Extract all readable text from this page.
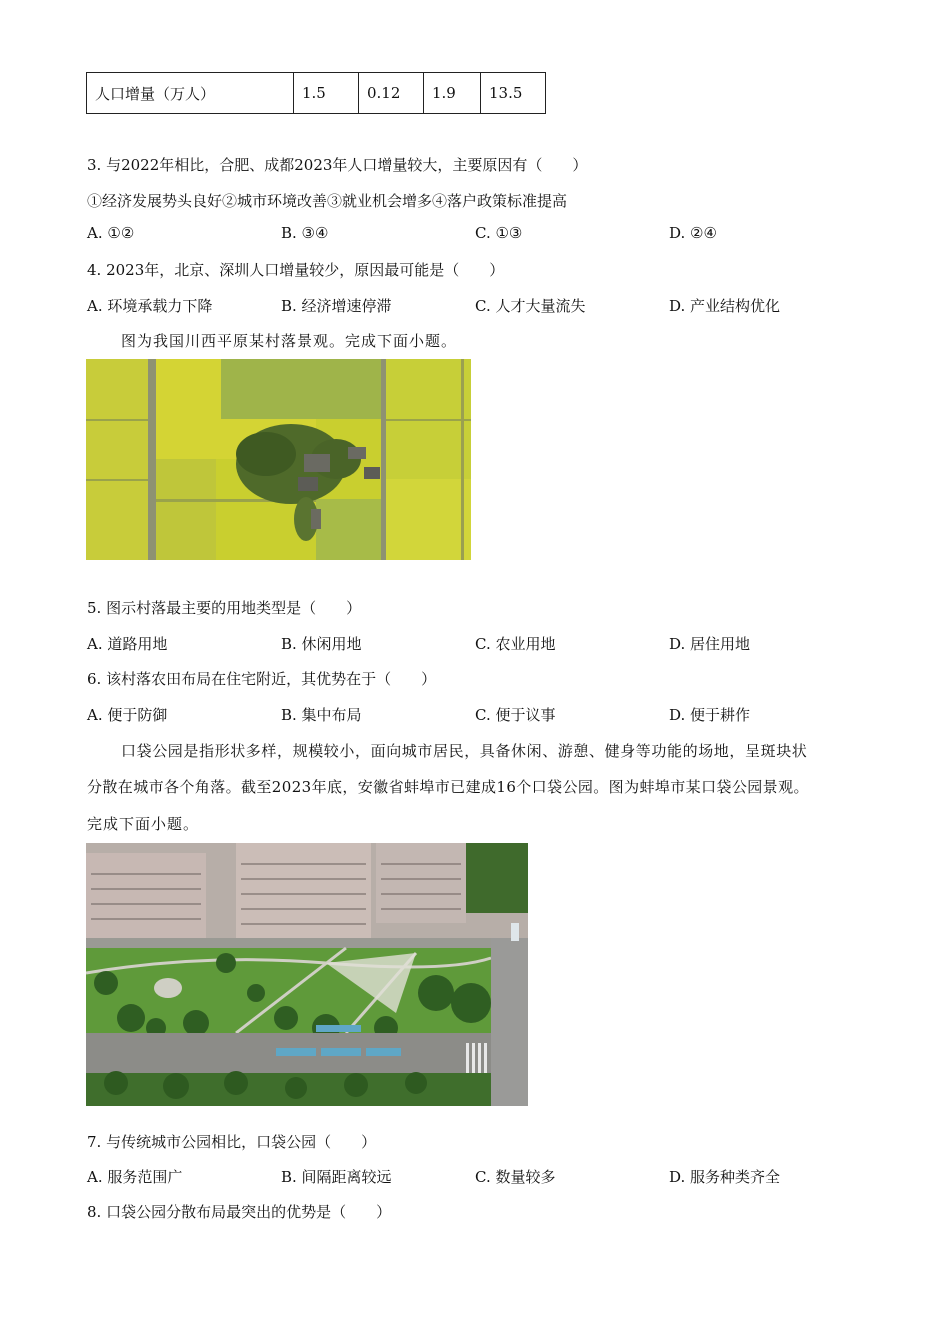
人口增量（万人）	1.5	0.12	1.9	13.5
3. 与2022年相比，合肥、成都2023年人口增量较大，主要原因有（　　）
①经济发展势头良好②城市环境改善③就业机会增多④落户政策标准提高
A. ①②	B. ③④	C. ①③	D. ②④
4. 2023年，北京、深圳人口增量较少，原因最可能是（　　）
A. 环境承载力下降	B. 经济增速停滞	C. 人才大量流失	D. 产业结构优化
图为我国川西平原某村落景观。完成下面小题。
5. 图示村落最主要的用地类型是（　　）
A. 道路用地	B. 休闲用地	C. 农业用地	D. 居住用地
6. 该村落农田布局在住宅附近，其优势在于（　　）
A. 便于防御	B. 集中布局	C. 便于议事	D. 便于耕作
口袋公园是指形状多样，规模较小，面向城市居民，具备休闲、游憩、健身等功能的场地，呈斑块状
分散在城市各个角落。截至2023年底，安徽省蚌埠市已建成16个口袋公园。图为蚌埠市某口袋公园景观。
完成下面小题。
7. 与传统城市公园相比，口袋公园（　　）
A. 服务范围广	B. 间隔距离较远	C. 数量较多	D. 服务种类齐全
8. 口袋公园分散布局最突出的优势是（　　）
